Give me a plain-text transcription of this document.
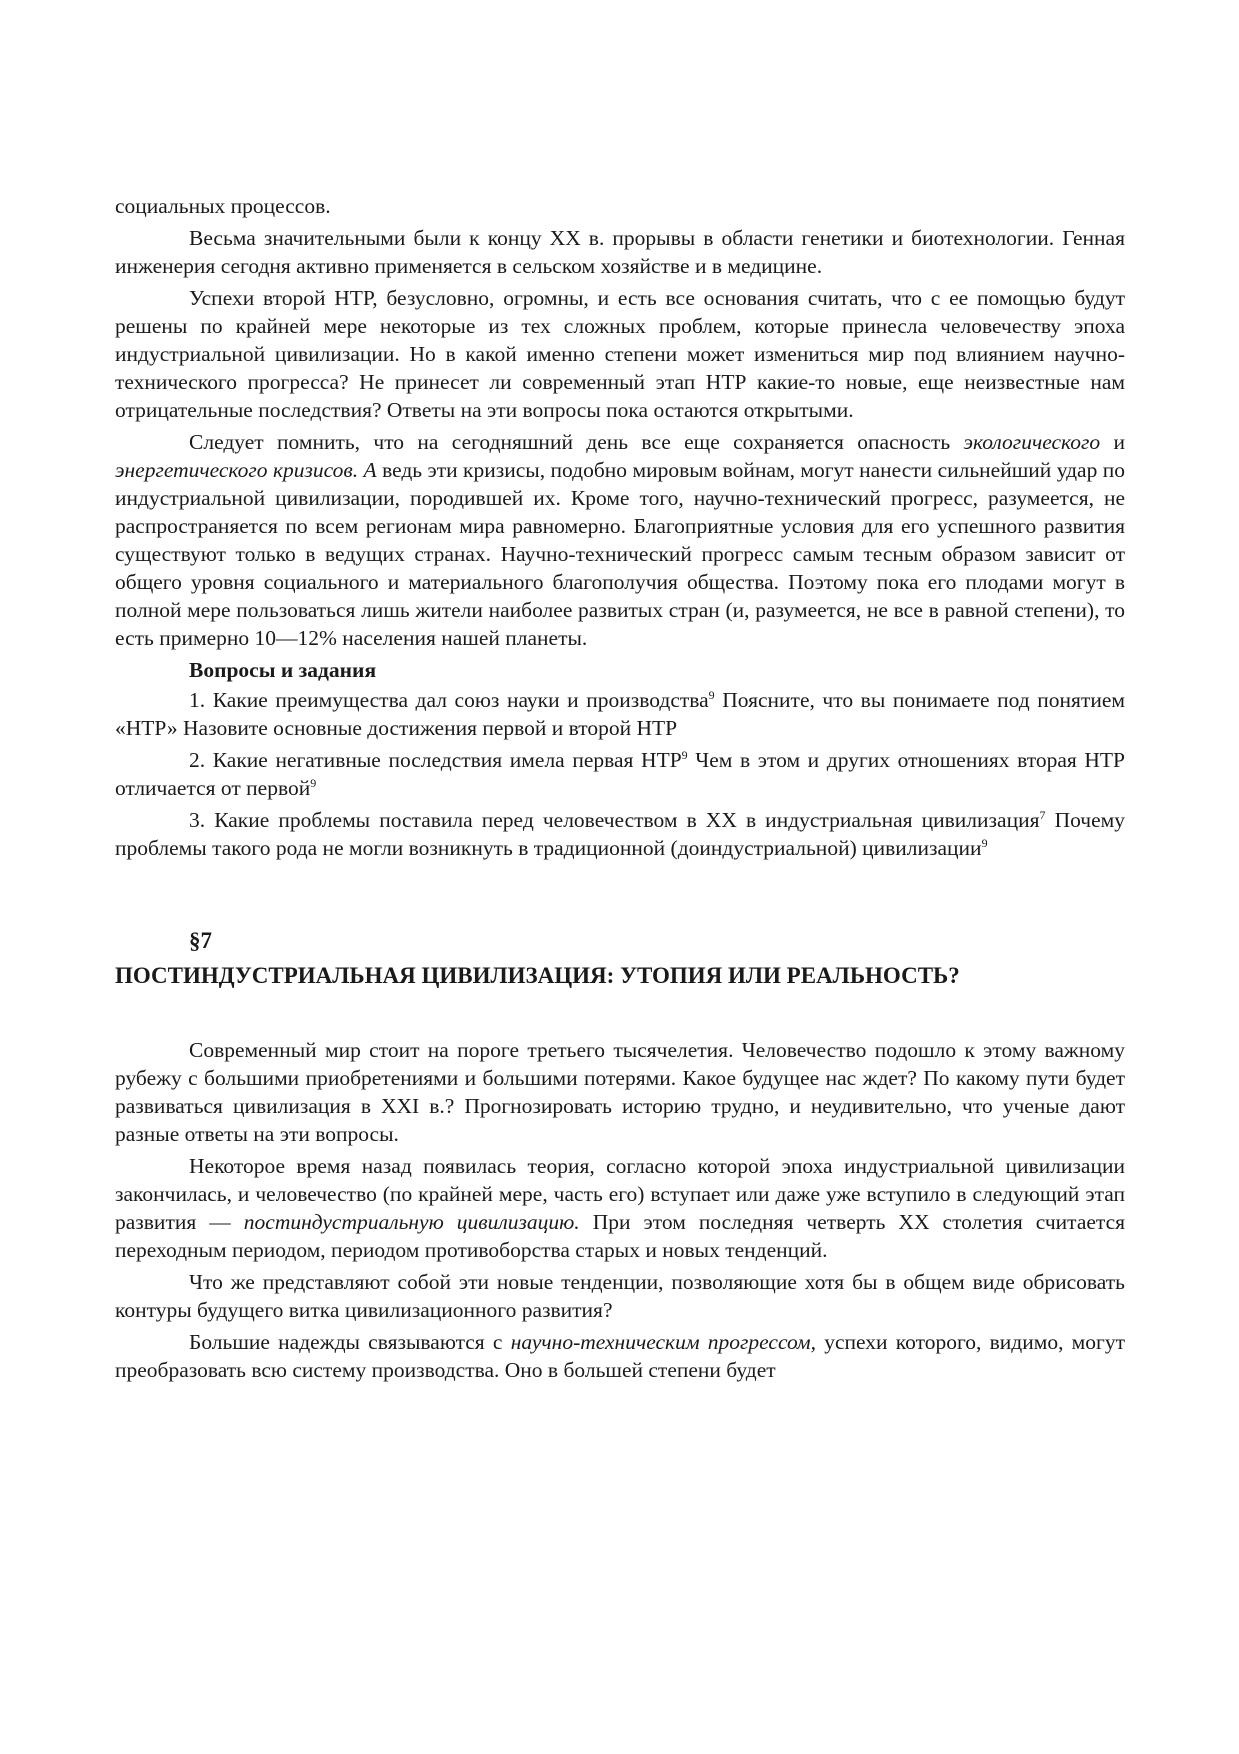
социальных процессов.

Весьма значительными были к концу XX в. прорывы в области генетики и биотехнологии. Генная инженерия сегодня активно применяется в сельском хозяйстве и в медицине.

Успехи второй НТР, безусловно, огромны, и есть все основания считать, что с ее помощью будут решены по крайней мере некоторые из тех сложных проблем, которые принесла человечеству эпоха индустриальной цивилизации. Но в какой именно степени может измениться мир под влиянием научно-технического прогресса? Не принесет ли современный этап НТР какие-то новые, еще неизвестные нам отрицательные последствия? Ответы на эти вопросы пока остаются открытыми.

Следует помнить, что на сегодняшний день все еще сохраняется опасность экологического и энергетического кризисов. А ведь эти кризисы, подобно мировым войнам, могут нанести сильнейший удар по индустриальной цивилизации, породившей их. Кроме того, научно-технический прогресс, разумеется, не распространяется по всем регионам мира равномерно. Благоприятные условия для его успешного развития существуют только в ведущих странах. Научно-технический прогресс самым тесным образом зависит от общего уровня социального и материального благополучия общества. Поэтому пока его плодами могут в полной мере пользоваться лишь жители наиболее развитых стран (и, разумеется, не все в равной степени), то есть примерно 10—12% населения нашей планеты.

Вопросы и задания

1. Какие преимущества дал союз науки и производства$^9$ Поясните, что вы понимаете под понятием «НТР» Назовите основные достижения первой и второй НТР

2. Какие негативные последствия имела первая НТР$^9$ Чем в этом и других отношениях вторая НТР отличается от первой$^9$

3. Какие проблемы поставила перед человечеством в XX в индустриальная цивилизация$^7$ Почему проблемы такого рода не могли возникнуть в традиционной (доиндустриальной) цивилизации$^9$

§7
ПОСТИНДУСТРИАЛЬНАЯ ЦИВИЛИЗАЦИЯ: УТОПИЯ ИЛИ РЕАЛЬНОСТЬ?

Современный мир стоит на пороге третьего тысячелетия. Человечество подошло к этому важному рубежу с большими приобретениями и большими потерями. Какое будущее нас ждет? По какому пути будет развиваться цивилизация в XXI в.? Прогнозировать историю трудно, и неудивительно, что ученые дают разные ответы на эти вопросы.

Некоторое время назад появилась теория, согласно которой эпоха индустриальной цивилизации закончилась, и человечество (по крайней мере, часть его) вступает или даже уже вступило в следующий этап развития — постиндустриальную цивилизацию. При этом последняя четверть XX столетия считается переходным периодом, периодом противоборства старых и новых тенденций.

Что же представляют собой эти новые тенденции, позволяющие хотя бы в общем виде обрисовать контуры будущего витка цивилизационного развития?

Большие надежды связываются с научно-техническим прогрессом, успехи которого, видимо, могут преобразовать всю систему производства. Оно в большей степени будет
